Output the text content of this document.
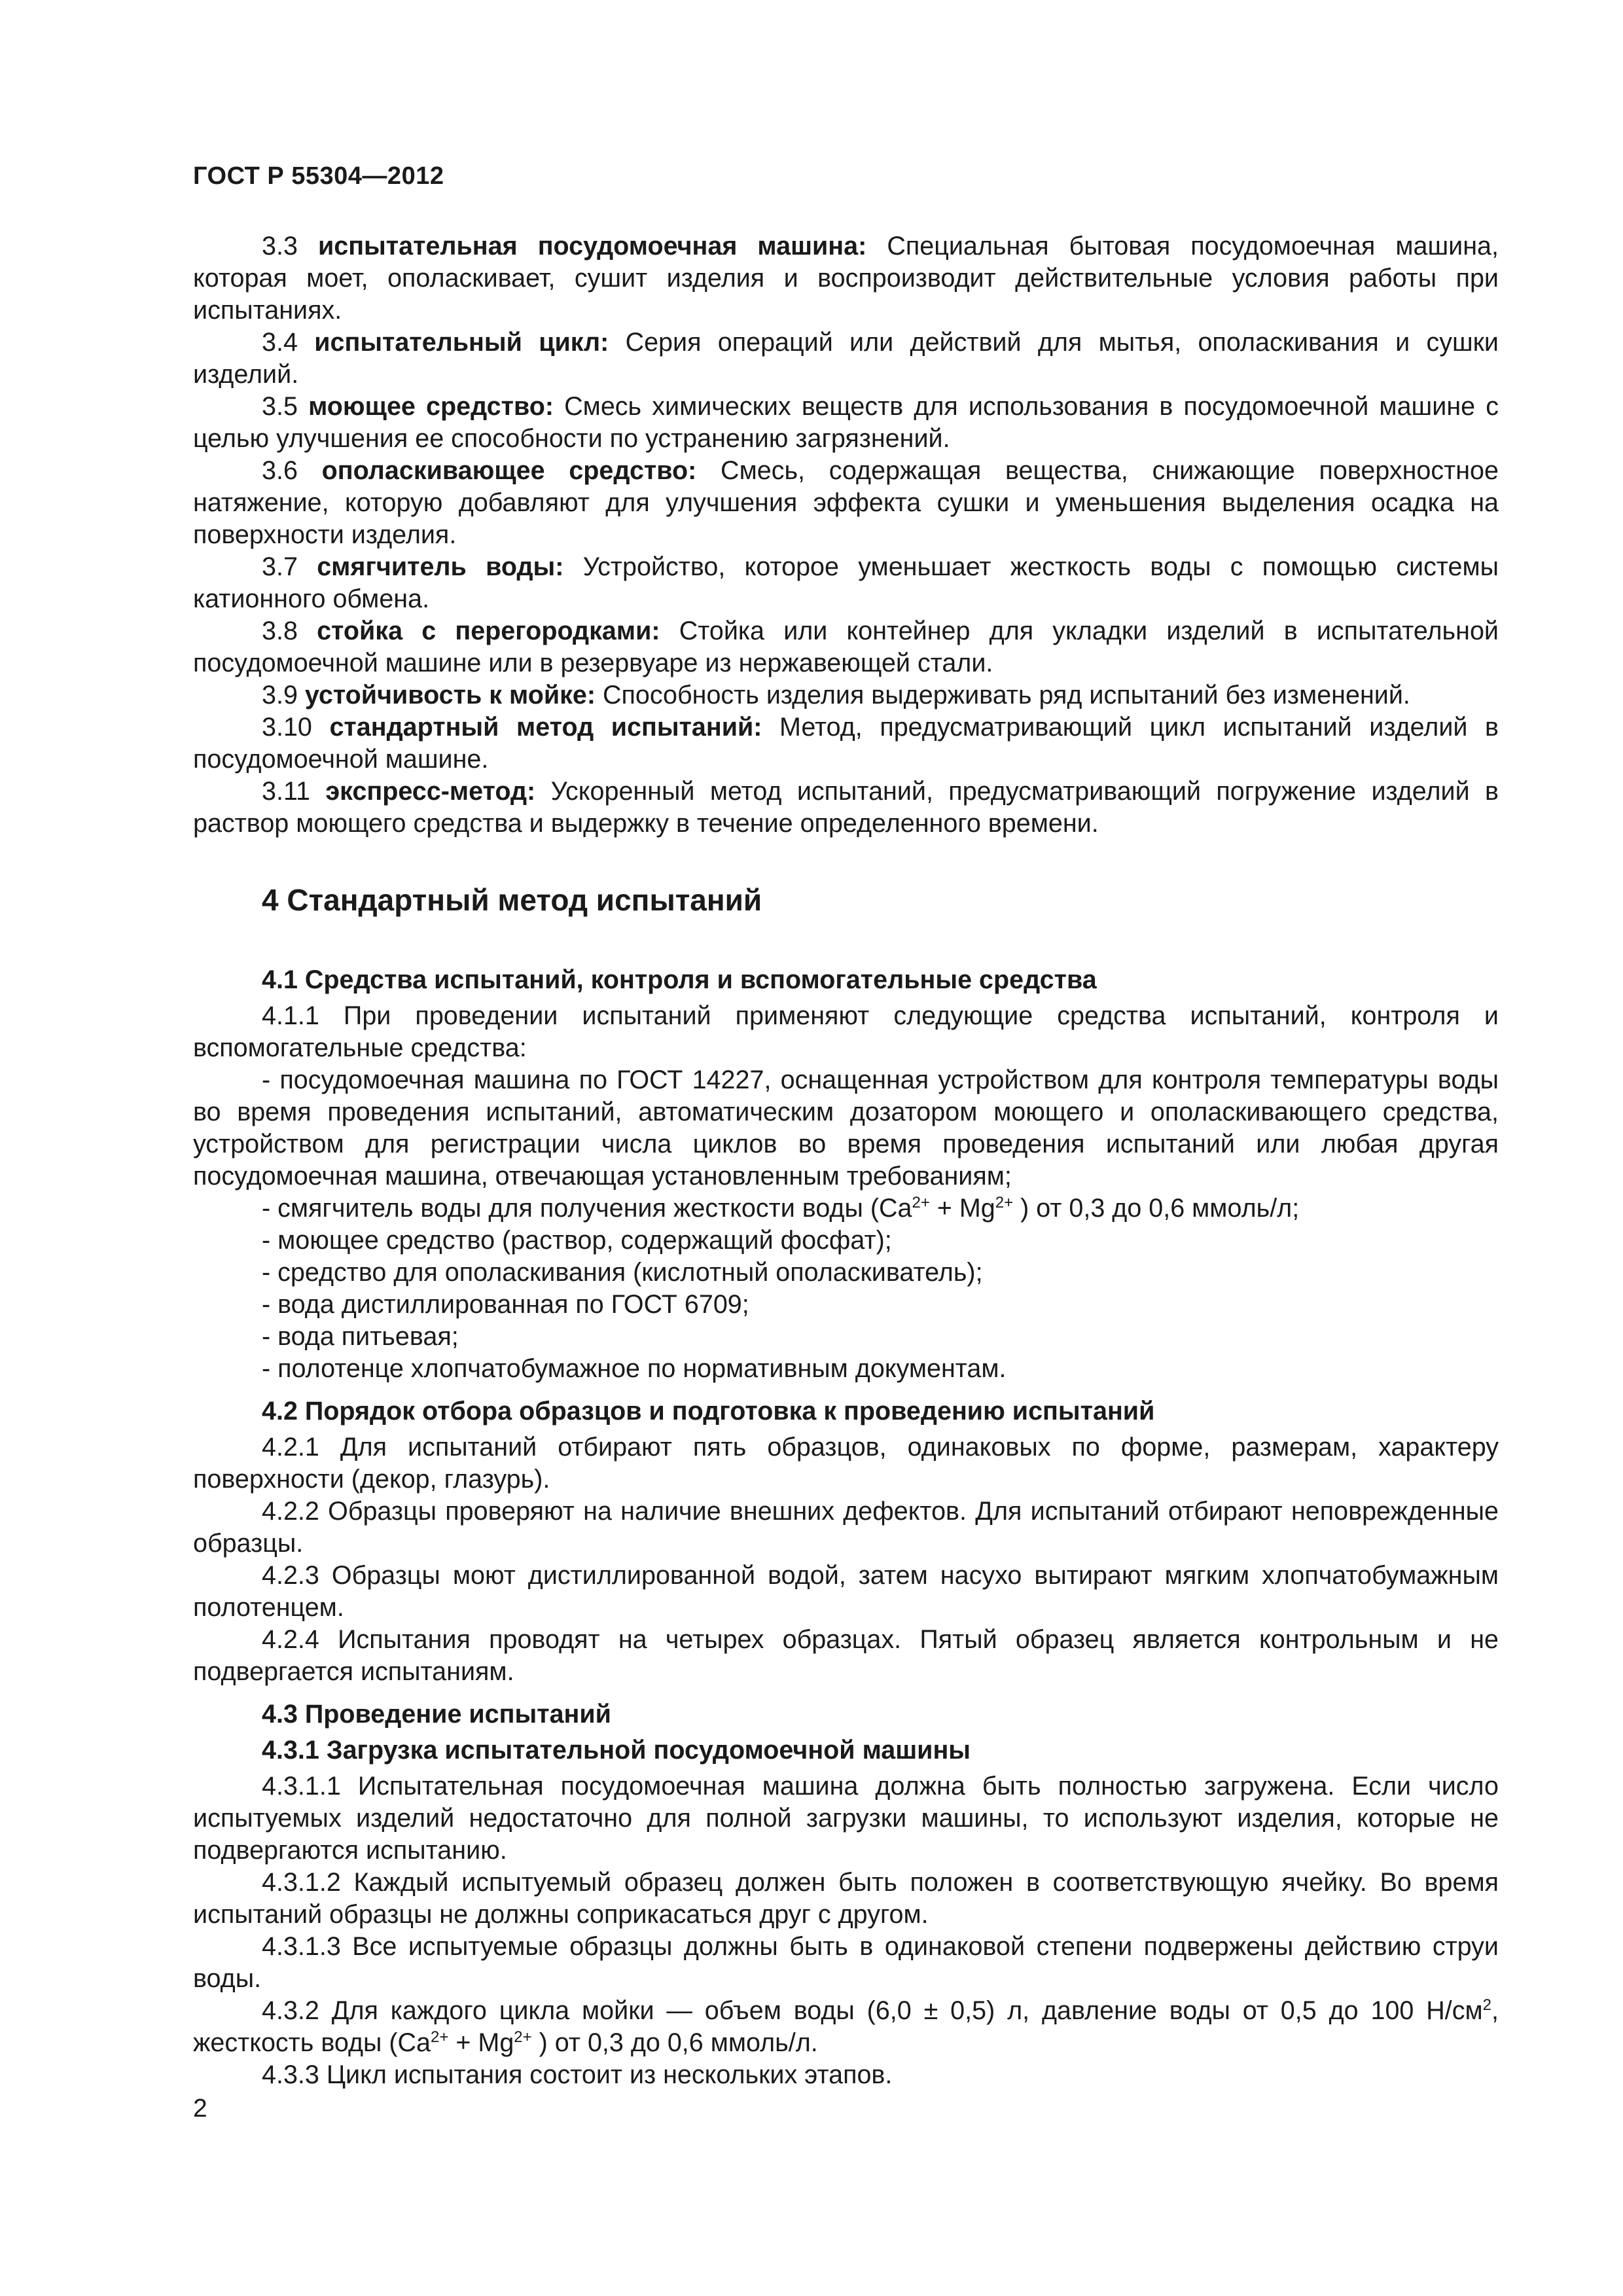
ГОСТ Р 55304—2012

3.3 испытательная посудомоечная машина: Специальная бытовая посудомоечная машина, которая моет, ополаскивает, сушит изделия и воспроизводит действительные условия работы при испытаниях.

3.4 испытательный цикл: Серия операций или действий для мытья, ополаскивания и сушки изделий.

3.5 моющее средство: Смесь химических веществ для использования в посудомоечной машине с целью улучшения ее способности по устранению загрязнений.

3.6 ополаскивающее средство: Смесь, содержащая вещества, снижающие поверхностное натяжение, которую добавляют для улучшения эффекта сушки и уменьшения выделения осадка на поверхности изделия.

3.7 смягчитель воды: Устройство, которое уменьшает жесткость воды с помощью системы катионного обмена.

3.8 стойка с перегородками: Стойка или контейнер для укладки изделий в испытательной посудомоечной машине или в резервуаре из нержавеющей стали.

3.9 устойчивость к мойке: Способность изделия выдерживать ряд испытаний без изменений.

3.10 стандартный метод испытаний: Метод, предусматривающий цикл испытаний изделий в посудомоечной машине.

3.11 экспресс-метод: Ускоренный метод испытаний, предусматривающий погружение изделий в раствор моющего средства и выдержку в течение определенного времени.

4 Стандартный метод испытаний
4.1 Средства испытаний, контроля и вспомогательные средства

4.1.1 При проведении испытаний применяют следующие средства испытаний, контроля и вспомогательные средства:

- посудомоечная машина по ГОСТ 14227, оснащенная устройством для контроля температуры воды во время проведения испытаний, автоматическим дозатором моющего и ополаскивающего средства, устройством для регистрации числа циклов во время проведения испытаний или любая другая посудомоечная машина, отвечающая установленным требованиям;

- смягчитель воды для получения жесткости воды ($Ca^{2+} + Mg^{2+}$ ) от 0,3 до 0,6 ммоль/л;

- моющее средство (раствор, содержащий фосфат);

- средство для ополаскивания (кислотный ополаскиватель);

- вода дистиллированная по ГОСТ 6709;

- вода питьевая;

- полотенце хлопчатобумажное по нормативным документам.

4.2 Порядок отбора образцов и подготовка к проведению испытаний

4.2.1 Для испытаний отбирают пять образцов, одинаковых по форме, размерам, характеру поверхности (декор, глазурь).

4.2.2 Образцы проверяют на наличие внешних дефектов. Для испытаний отбирают неповрежденные образцы.

4.2.3 Образцы моют дистиллированной водой, затем насухо вытирают мягким хлопчатобумажным полотенцем.

4.2.4 Испытания проводят на четырех образцах. Пятый образец является контрольным и не подвергается испытаниям.

4.3 Проведение испытаний
4.3.1 Загрузка испытательной посудомоечной машины

4.3.1.1 Испытательная посудомоечная машина должна быть полностью загружена. Если число испытуемых изделий недостаточно для полной загрузки машины, то используют изделия, которые не подвергаются испытанию.

4.3.1.2 Каждый испытуемый образец должен быть положен в соответствующую ячейку. Во время испытаний образцы не должны соприкасаться друг с другом.

4.3.1.3 Все испытуемые образцы должны быть в одинаковой степени подвержены действию струи воды.

4.3.2 Для каждого цикла мойки — объем воды (6,0 ± 0,5) л, давление воды от 0,5 до 100 $Н/см^2$, жесткость воды ($Ca^{2+} + Mg^{2+}$ ) от 0,3 до 0,6 ммоль/л.

4.3.3 Цикл испытания состоит из нескольких этапов.

2
